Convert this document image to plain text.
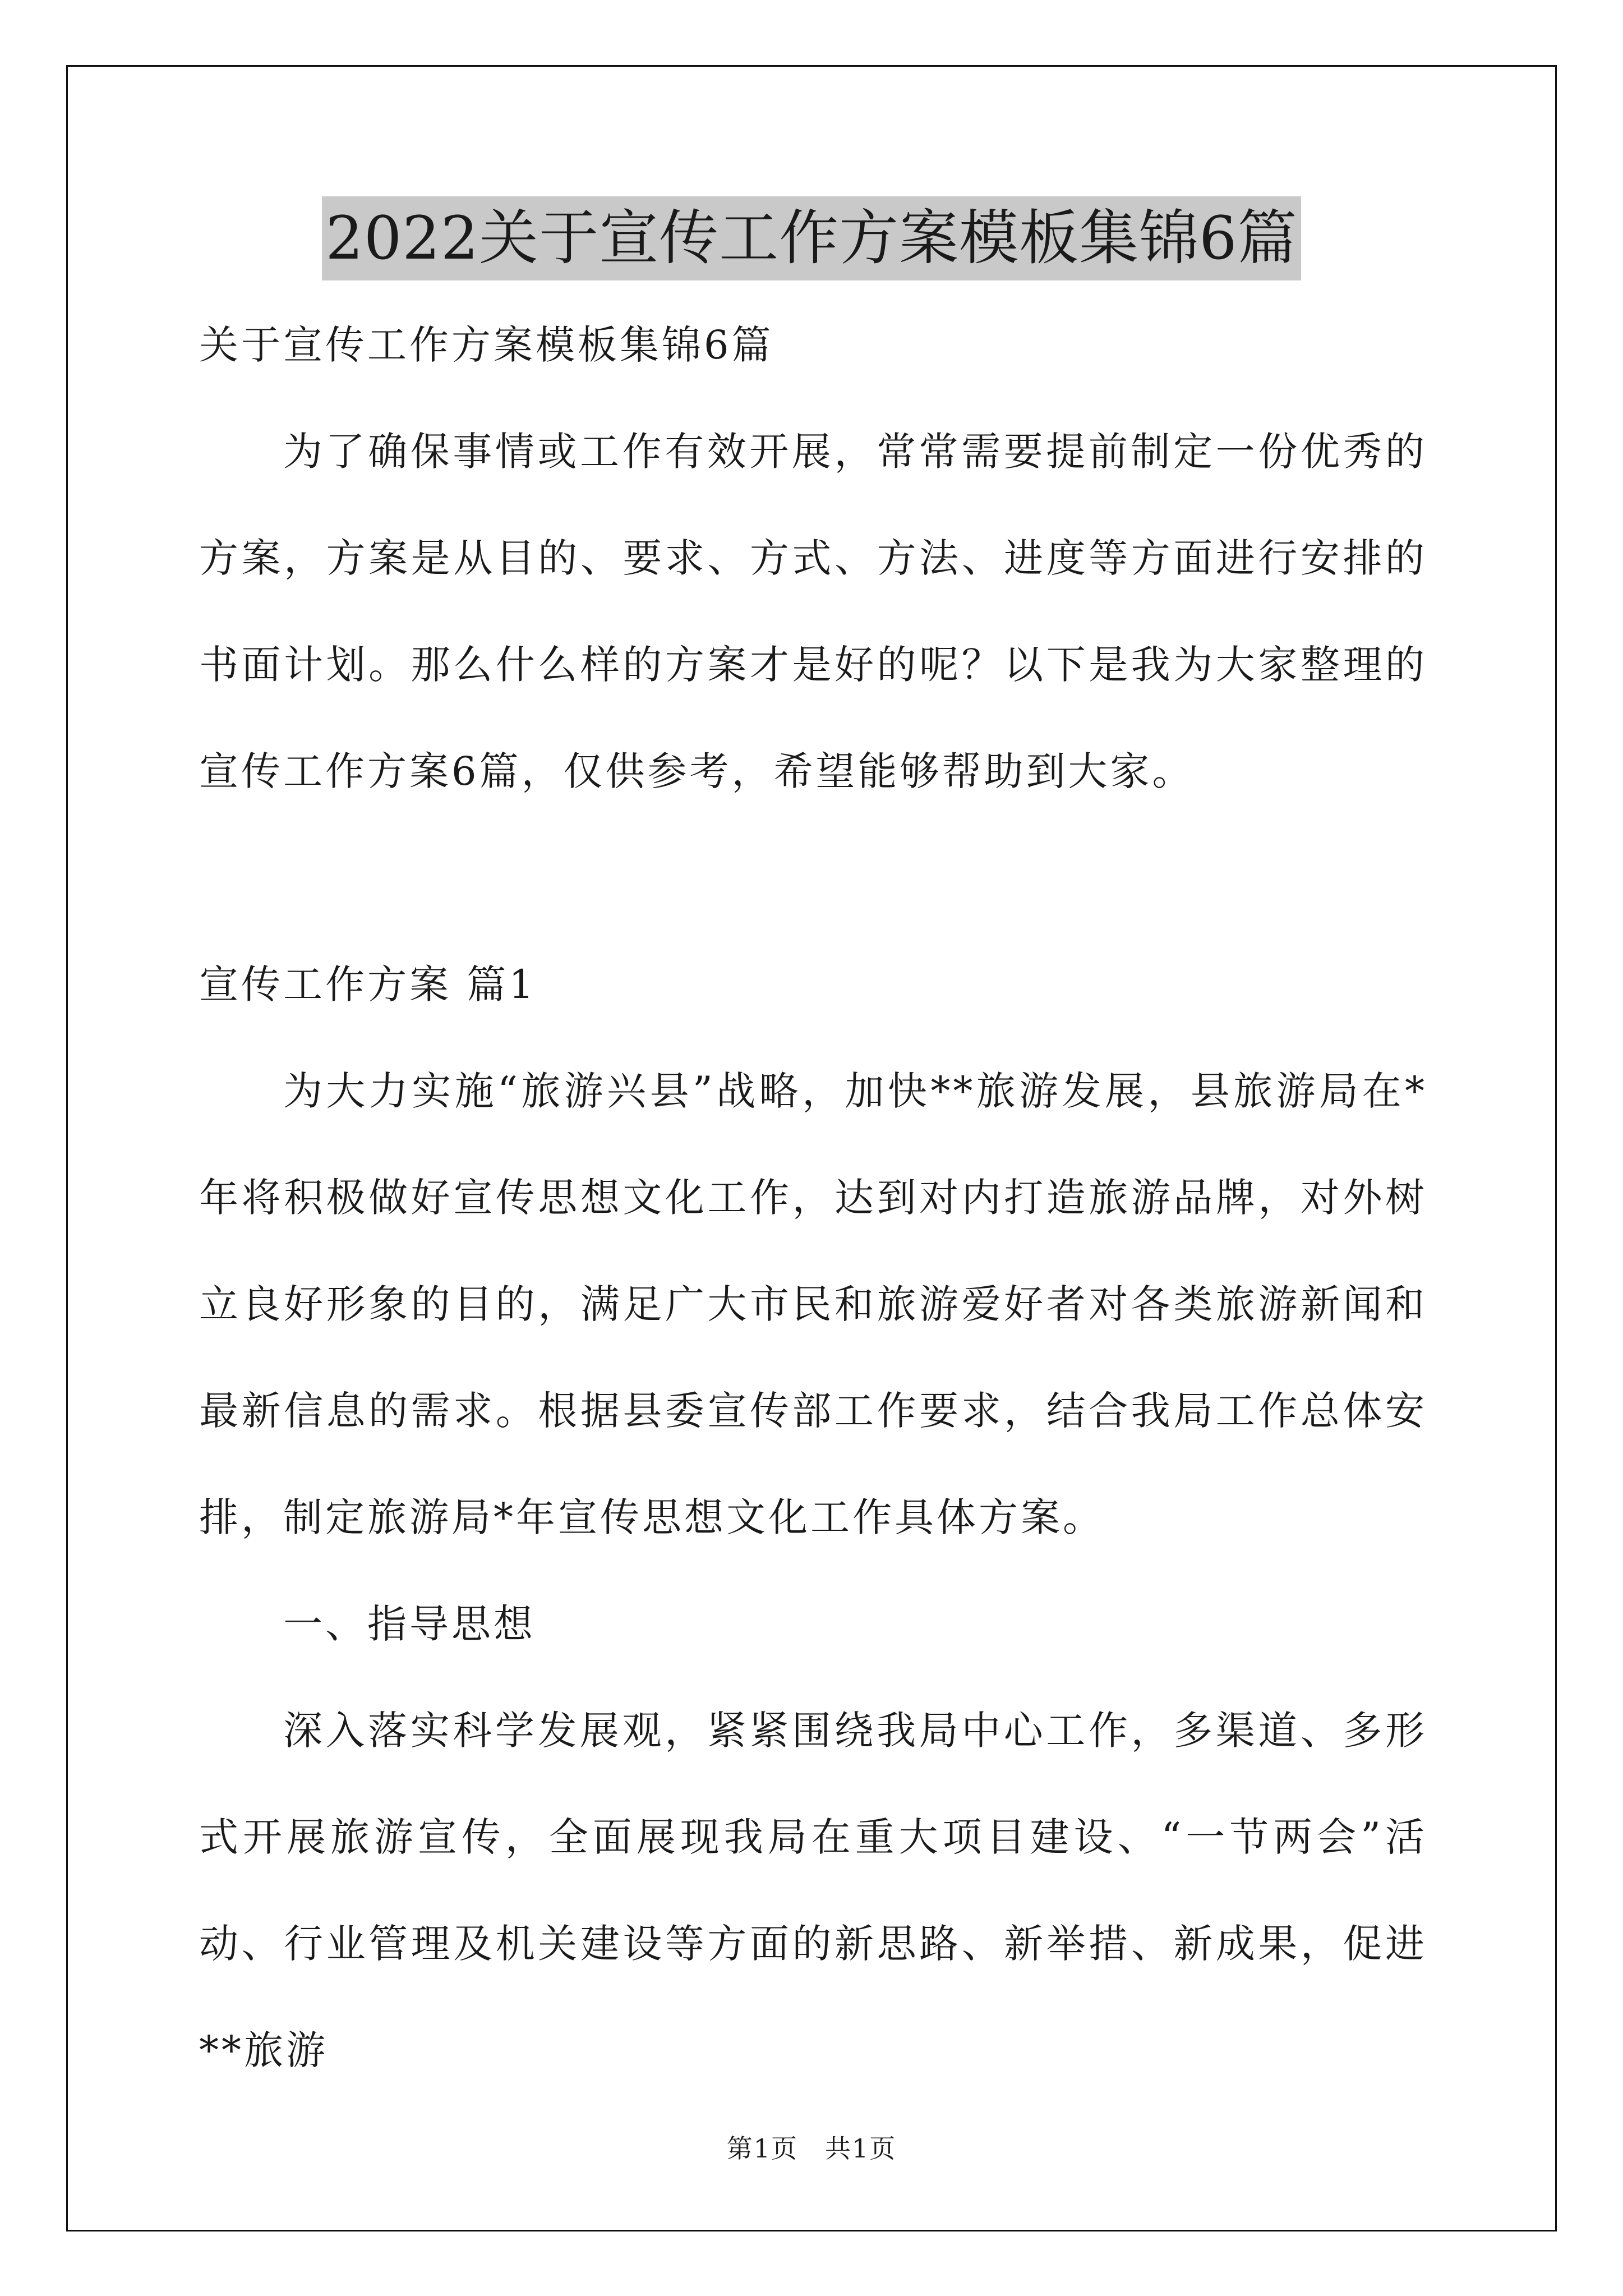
2022关于宣传工作方案模板集锦6篇

关于宣传工作方案模板集锦6篇

为了确保事情或工作有效开展，常常需要提前制定一份优秀的方案，方案是从目的、要求、方式、方法、进度等方面进行安排的书面计划。那么什么样的方案才是好的呢？以下是我为大家整理的宣传工作方案6篇，仅供参考，希望能够帮助到大家。

宣传工作方案 篇1

为大力实施“旅游兴县”战略，加快**旅游发展，县旅游局在*年将积极做好宣传思想文化工作，达到对内打造旅游品牌，对外树立良好形象的目的，满足广大市民和旅游爱好者对各类旅游新闻和最新信息的需求。根据县委宣传部工作要求，结合我局工作总体安排，制定旅游局*年宣传思想文化工作具体方案。

一、指导思想

深入落实科学发展观，紧紧围绕我局中心工作，多渠道、多形式开展旅游宣传，全面展现我局在重大项目建设、“一节两会”活动、行业管理及机关建设等方面的新思路、新举措、新成果，促进**旅游

第1页　共1页
